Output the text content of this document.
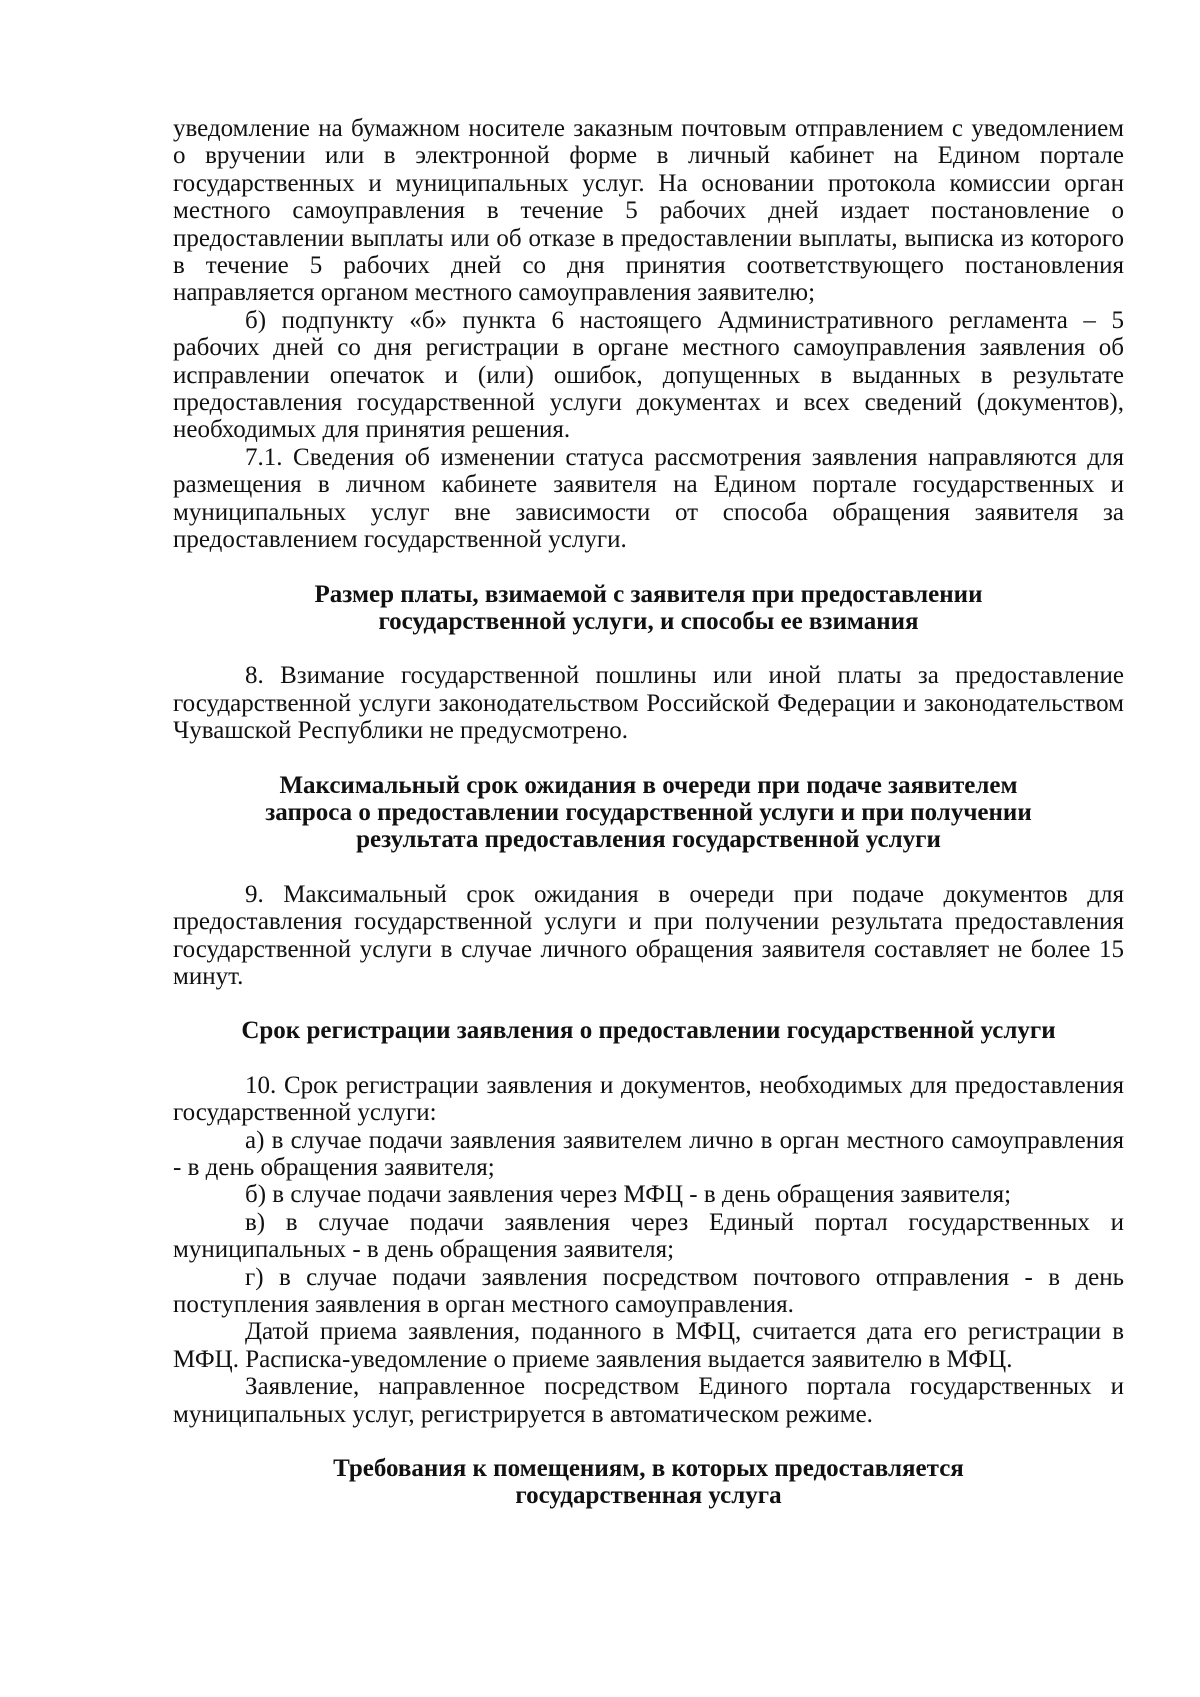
уведомление на бумажном носителе заказным почтовым отправлением с уведомлением о вручении или в электронной форме в личный кабинет на Едином портале государственных и муниципальных услуг. На основании протокола комиссии орган местного самоуправления в течение 5 рабочих дней издает постановление о предоставлении выплаты или об отказе в предоставлении выплаты, выписка из которого в течение 5 рабочих дней со дня принятия соответствующего постановления направляется органом местного самоуправления заявителю;

б) подпункту «б» пункта 6 настоящего Административного регламента – 5 рабочих дней со дня регистрации в органе местного самоуправления заявления об исправлении опечаток и (или) ошибок, допущенных в выданных в результате предоставления государственной услуги документах и всех сведений (документов), необходимых для принятия решения.

7.1. Сведения об изменении статуса рассмотрения заявления направляются для размещения в личном кабинете заявителя на Едином портале государственных и муниципальных услуг вне зависимости от способа обращения заявителя за предоставлением государственной услуги.

Размер платы, взимаемой с заявителя при предоставлении
государственной услуги, и способы ее взимания

8. Взимание государственной пошлины или иной платы за предоставление государственной услуги законодательством Российской Федерации и законодательством Чувашской Республики не предусмотрено.

Максимальный срок ожидания в очереди при подаче заявителем
запроса о предоставлении государственной услуги и при получении
результата предоставления государственной услуги

9. Максимальный срок ожидания в очереди при подаче документов для предоставления государственной услуги и при получении результата предоставления государственной услуги в случае личного обращения заявителя составляет не более 15 минут.

Срок регистрации заявления о предоставлении государственной услуги

10. Срок регистрации заявления и документов, необходимых для предоставления государственной услуги:

а) в случае подачи заявления заявителем лично в орган местного самоуправления - в день обращения заявителя;

б) в случае подачи заявления через МФЦ - в день обращения заявителя;

в) в случае подачи заявления через Единый портал государственных и муниципальных - в день обращения заявителя;

г) в случае подачи заявления посредством почтового отправления - в день поступления заявления в орган местного самоуправления.

Датой приема заявления, поданного в МФЦ, считается дата его регистрации в МФЦ. Расписка-уведомление о приеме заявления выдается заявителю в МФЦ.

Заявление, направленное посредством Единого портала государственных и муниципальных услуг, регистрируется в автоматическом режиме.

Требования к помещениям, в которых предоставляется
государственная услуга
